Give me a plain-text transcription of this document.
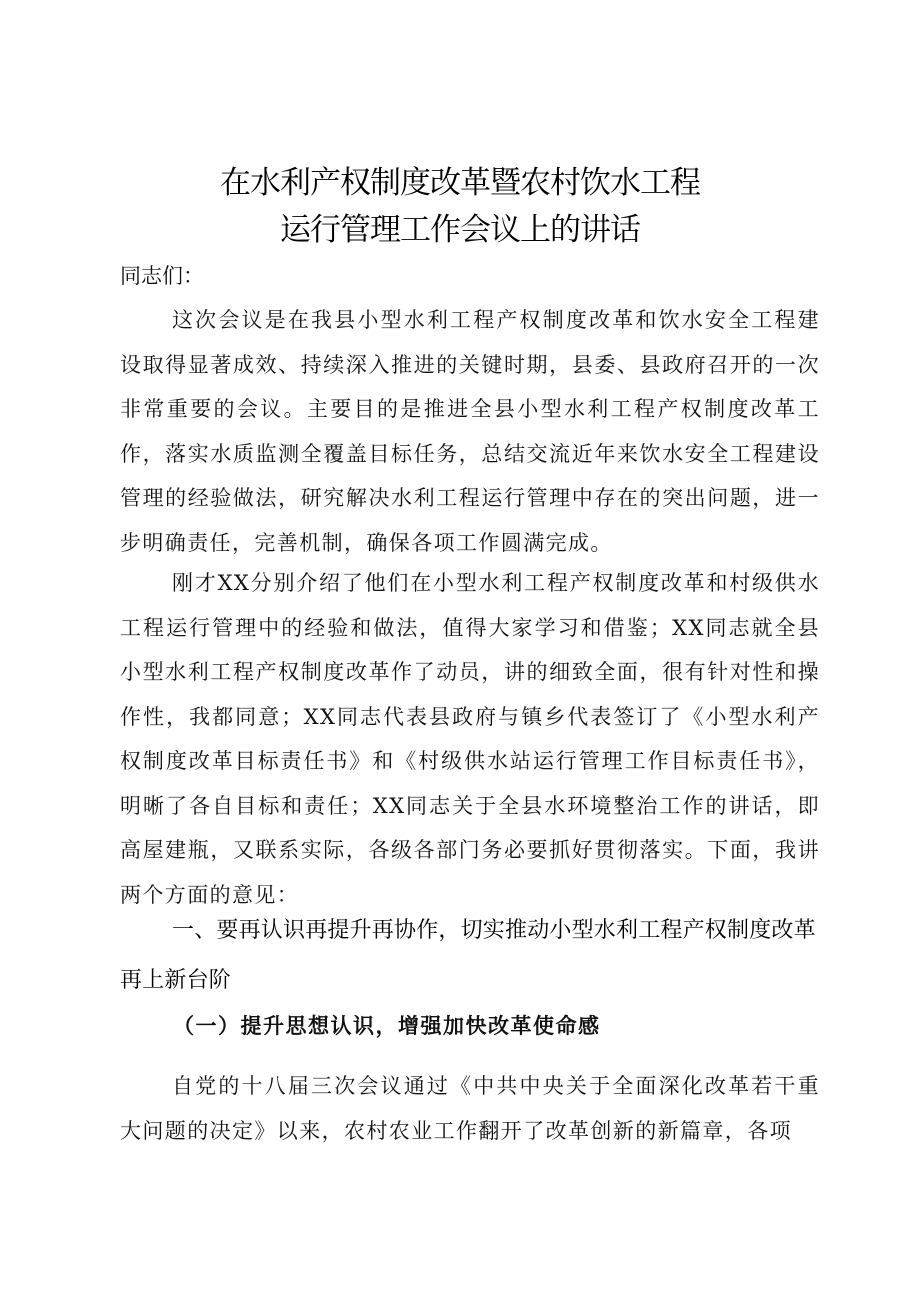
在水利产权制度改革暨农村饮水工程
运行管理工作会议上的讲话
同志们：
这次会议是在我县小型水利工程产权制度改革和饮水安全工程建设取得显著成效、持续深入推进的关键时期，县委、县政府召开的一次非常重要的会议。主要目的是推进全县小型水利工程产权制度改革工作，落实水质监测全覆盖目标任务，总结交流近年来饮水安全工程建设管理的经验做法，研究解决水利工程运行管理中存在的突出问题，进一步明确责任，完善机制，确保各项工作圆满完成。
刚才XX分别介绍了他们在小型水利工程产权制度改革和村级供水工程运行管理中的经验和做法，值得大家学习和借鉴；XX同志就全县小型水利工程产权制度改革作了动员，讲的细致全面，很有针对性和操作性，我都同意；XX同志代表县政府与镇乡代表签订了《小型水利产权制度改革目标责任书》和《村级供水站运行管理工作目标责任书》，明晰了各自目标和责任；XX同志关于全县水环境整治工作的讲话，即高屋建瓶，又联系实际，各级各部门务必要抓好贯彻落实。下面，我讲两个方面的意见：
一、要再认识再提升再协作，切实推动小型水利工程产权制度改革再上新台阶
（一）提升思想认识，增强加快改革使命感
自党的十八届三次会议通过《中共中央关于全面深化改革若干重大问题的决定》以来，农村农业工作翻开了改革创新的新篇章，各项
